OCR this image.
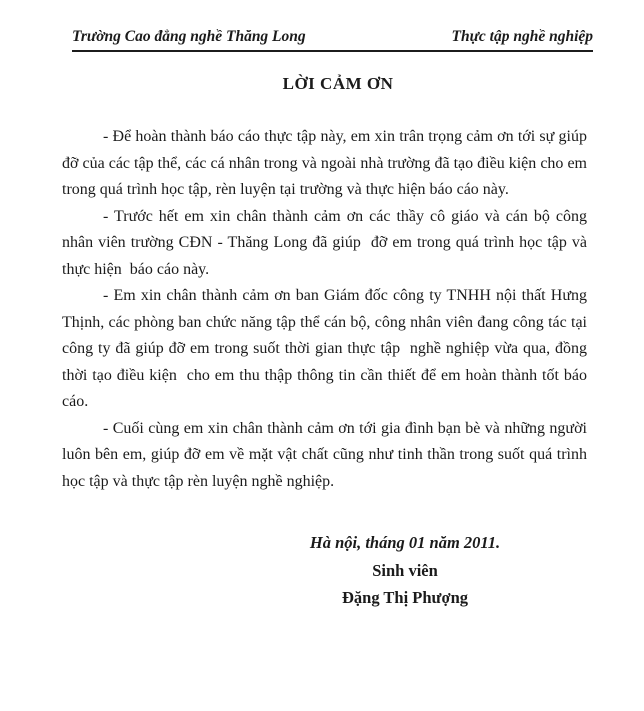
Trường Cao đẳng nghề Thăng Long	Thực tập nghề nghiệp
LỜI CẢM ƠN

- Để hoàn thành báo cáo thực tập này, em xin trân trọng cảm ơn tới sự giúp đỡ của các tập thể, các cá nhân trong và ngoài nhà trường đã tạo điều kiện cho em trong quá trình học tập, rèn luyện tại trường và thực hiện báo cáo này.

- Trước hết em xin chân thành cảm ơn các thầy cô giáo và cán bộ công nhân viên trường CĐN - Thăng Long đã giúp  đỡ em trong quá trình học tập và thực hiện  báo cáo này.

- Em xin chân thành cảm ơn ban Giám đốc công ty TNHH nội thất Hưng Thịnh, các phòng ban chức năng tập thể cán bộ, công nhân viên đang công tác tại  công ty đã giúp đỡ em trong suốt thời gian thực tập  nghề nghiệp vừa qua, đồng thời tạo điều kiện  cho em thu thập thông tin cần thiết để em hoàn thành tốt báo cáo.

- Cuối cùng em xin chân thành cảm ơn tới gia đình bạn bè và những người luôn bên em, giúp đỡ em về mặt vật chất cũng như tinh thần trong suốt quá trình học tập và thực tập rèn luyện nghề nghiệp.

Hà nội, tháng 01 năm 2011.
Sinh viên
Đặng Thị Phượng
